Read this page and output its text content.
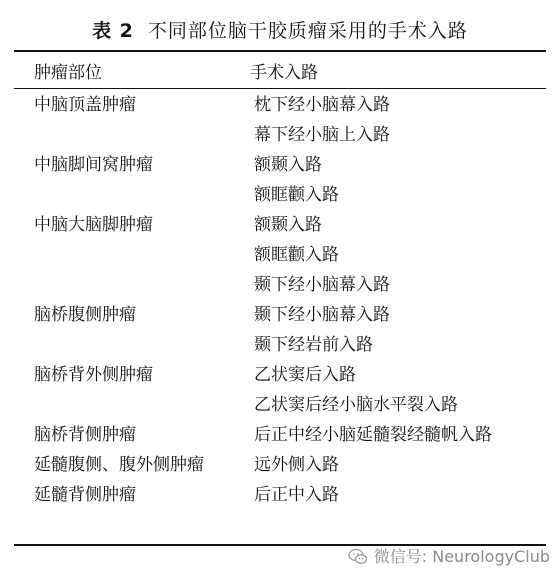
表 2 不同部位脑干胶质瘤采用的手术入路
肿瘤部位	手术入路
中脑顶盖肿瘤	枕下经小脑幕入路
幕下经小脑上入路
中脑脚间窝肿瘤	额颞入路
额眶颧入路
中脑大脑脚肿瘤	额颞入路
额眶颧入路
颞下经小脑幕入路
脑桥腹侧肿瘤	颞下经小脑幕入路
颞下经岩前入路
脑桥背外侧肿瘤	乙状窦后入路
乙状窦后经小脑水平裂入路
脑桥背侧肿瘤	后正中经小脑延髓裂经髓帆入路
延髓腹侧、腹外侧肿瘤	远外侧入路
延髓背侧肿瘤	后正中入路
微信号: NeurologyClub
